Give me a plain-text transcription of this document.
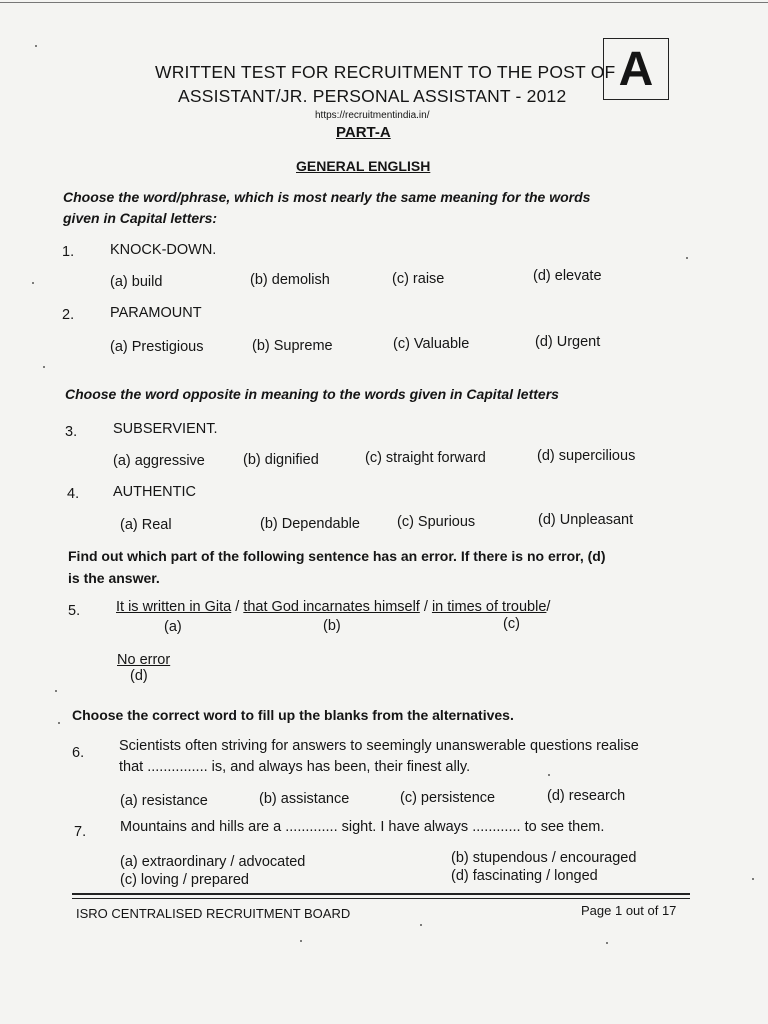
WRITTEN TEST FOR RECRUITMENT TO THE POST OF
ASSISTANT/JR. PERSONAL ASSISTANT - 2012
A
https://recruitmentindia.in/
PART-A
GENERAL ENGLISH
Choose the word/phrase, which is most nearly the same meaning for the words
given in Capital letters:
1. KNOCK-DOWN.
(a) build	(b) demolish	(c) raise	(d) elevate
2. PARAMOUNT
(a) Prestigious	(b) Supreme	(c) Valuable	(d) Urgent
Choose the word opposite in meaning to the words given in Capital letters
3. SUBSERVIENT.
(a) aggressive	(b) dignified	(c) straight forward	(d) supercilious
4. AUTHENTIC
(a) Real	(b) Dependable	(c) Spurious	(d) Unpleasant
Find out which part of the following sentence has an error. If there is no error, (d)
is the answer.
5. It is written in Gita / that God incarnates himself / in times of trouble/
(a)	(b)	(c)
No error
(d)
Choose the correct word to fill up the blanks from the alternatives.
6. Scientists often striving for answers to seemingly unanswerable questions realise
that ............... is, and always has been, their finest ally.
(a) resistance	(b) assistance	(c) persistence	(d) research
7. Mountains and hills are a ............. sight. I have always ............ to see them.
(a) extraordinary / advocated	(b) stupendous / encouraged
(c) loving / prepared	(d) fascinating / longed
ISRO CENTRALISED RECRUITMENT BOARD	Page 1 out of 17
